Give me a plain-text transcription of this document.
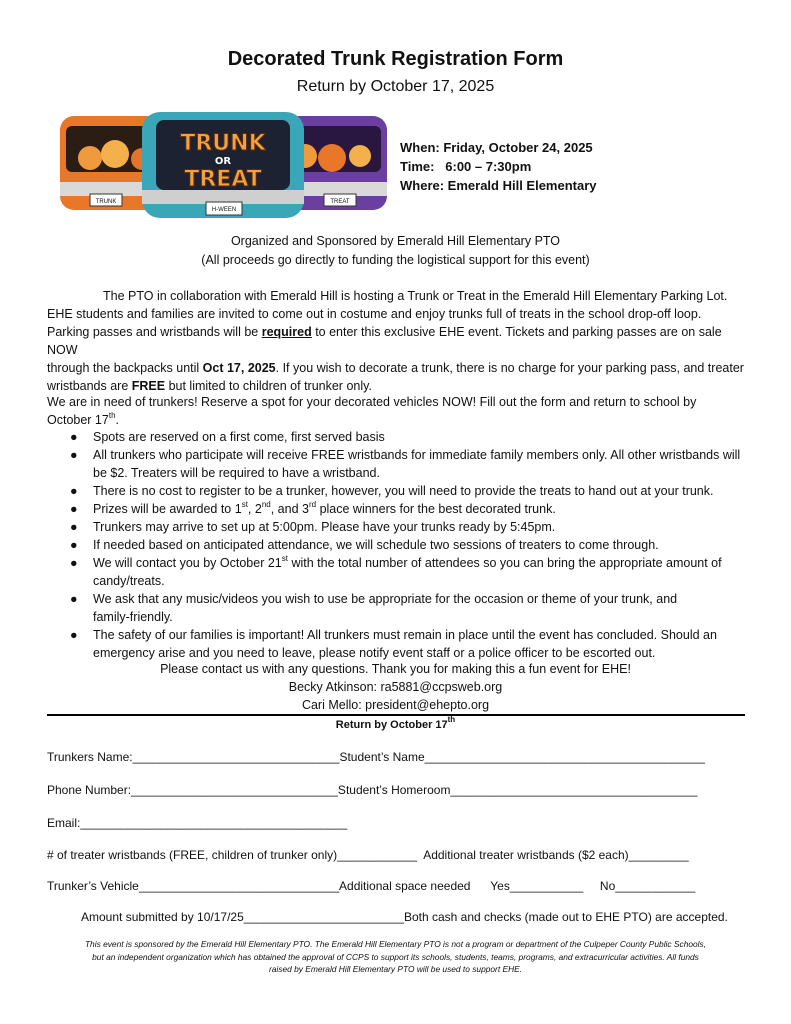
Decorated Trunk Registration Form
Return by October 17, 2025
TRUNK	TREAT
H-WEEN
TRUNK
OR
TREAT
When: Friday, October 24, 2025
Time:   6:00 – 7:30pm
Where: Emerald Hill Elementary
Organized and Sponsored by Emerald Hill Elementary PTO
(All proceeds go directly to funding the logistical support for this event)

The PTO in collaboration with Emerald Hill is hosting a Trunk or Treat in the Emerald Hill Elementary Parking Lot.

EHE students and families are invited to come out in costume and enjoy trunks full of treats in the school drop-off loop.

Parking passes and wristbands will be required to enter this exclusive EHE event. Tickets and parking passes are on sale NOW

through the backpacks until Oct 17, 2025. If you wish to decorate a trunk, there is no charge for your parking pass, and treater

wristbands are FREE but limited to children of trunker only.

We are in need of trunkers! Reserve a spot for your decorated vehicles NOW! Fill out the form and return to school by

October 17th.

● Spots are reserved on a first come, first served basis
● All trunkers who participate will receive FREE wristbands for immediate family members only. All other wristbands will
be $2. Treaters will be required to have a wristband.
● There is no cost to register to be a trunker, however, you will need to provide the treats to hand out at your trunk.
● Prizes will be awarded to 1st, 2nd, and 3rd place winners for the best decorated trunk.
● Trunkers may arrive to set up at 5:00pm. Please have your trunks ready by 5:45pm.
● If needed based on anticipated attendance, we will schedule two sessions of treaters to come through.
● We will contact you by October 21st with the total number of attendees so you can bring the appropriate amount of
candy/treats.
● We ask that any music/videos you wish to use be appropriate for the occasion or theme of your trunk, and
family-friendly.
● The safety of our families is important! All trunkers must remain in place until the event has concluded. Should an
emergency arise and you need to leave, please notify event staff or a police officer to be escorted out.
Please contact us with any questions. Thank you for making this a fun event for EHE!
Becky Atkinson: ra5881@ccpsweb.org
Cari Mello: president@ehepto.org
Return by October 17th
Trunkers Name:_______________________________Student’s Name__________________________________________
Phone Number:_______________________________Student’s Homeroom_____________________________________
Email:________________________________________
# of treater wristbands (FREE, children of trunker only)____________  Additional treater wristbands ($2 each)_________
Trunker’s Vehicle______________________________Additional space needed      Yes___________     No____________
Amount submitted by 10/17/25________________________Both cash and checks (made out to EHE PTO) are accepted.
This event is sponsored by the Emerald Hill Elementary PTO. The Emerald Hill Elementary PTO is not a program or department of the Culpeper County Public Schools,
but an independent organization which has obtained the approval of CCPS to support its schools, students, teams, programs, and extracurricular activities. All funds
raised by Emerald Hill Elementary PTO will be used to support EHE.
